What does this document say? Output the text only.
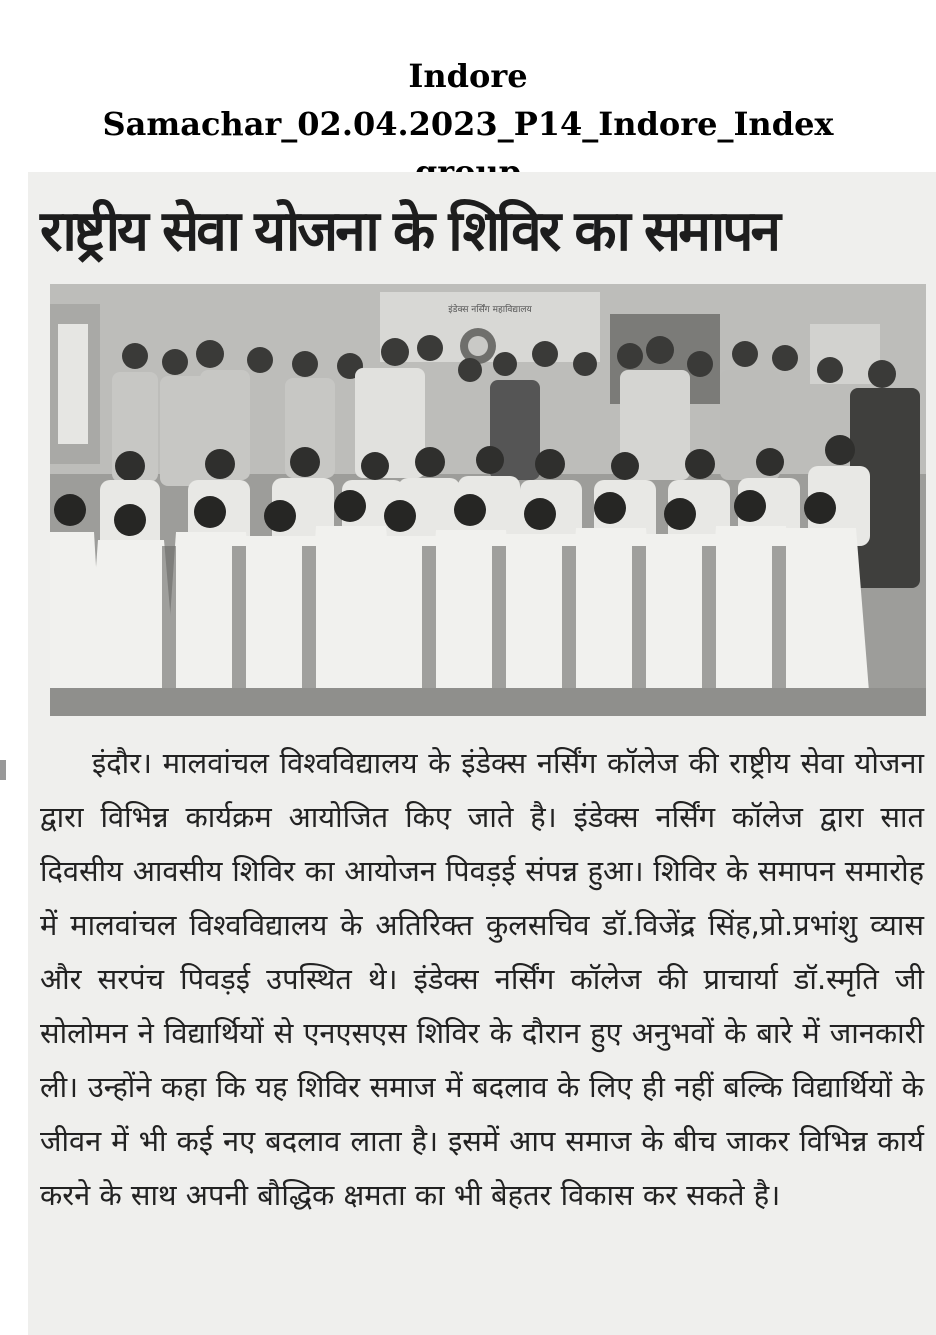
Indore Samachar_02.04.2023_P14_Indore_Index
राष्ट्रीय सेवा योजना के शिविर का समापन
इंडेक्स नर्सिंग महाविद्यालय

इंदौर। मालवांचल विश्वविद्यालय के इंडेक्स नर्सिंग कॉलेज की राष्ट्रीय सेवा योजना द्वारा विभिन्न कार्यक्रम आयोजित किए जाते है। इंडेक्स नर्सिंग कॉलेज द्वारा सात दिवसीय आवसीय शिविर का आयोजन पिवड़ई संपन्न हुआ। शिविर के समापन समारोह में मालवांचल विश्वविद्यालय के अतिरिक्त कुलसचिव डॉ.विजेंद्र सिंह,प्रो.प्रभांशु व्यास और सरपंच पिवड़ई उपस्थित थे। इंडेक्स नर्सिंग कॉलेज की प्राचार्या डॉ.स्मृति जी सोलोमन ने विद्यार्थियों से एनएसएस शिविर के दौरान हुए अनुभवों के बारे में जानकारी ली। उन्होंने कहा कि यह शिविर समाज में बदलाव के लिए ही नहीं बल्कि विद्यार्थियों के जीवन में भी कई नए बदलाव लाता है। इसमें आप समाज के बीच जाकर विभिन्न कार्य करने के साथ अपनी बौद्धिक क्षमता का भी बेहतर विकास कर सकते है।
